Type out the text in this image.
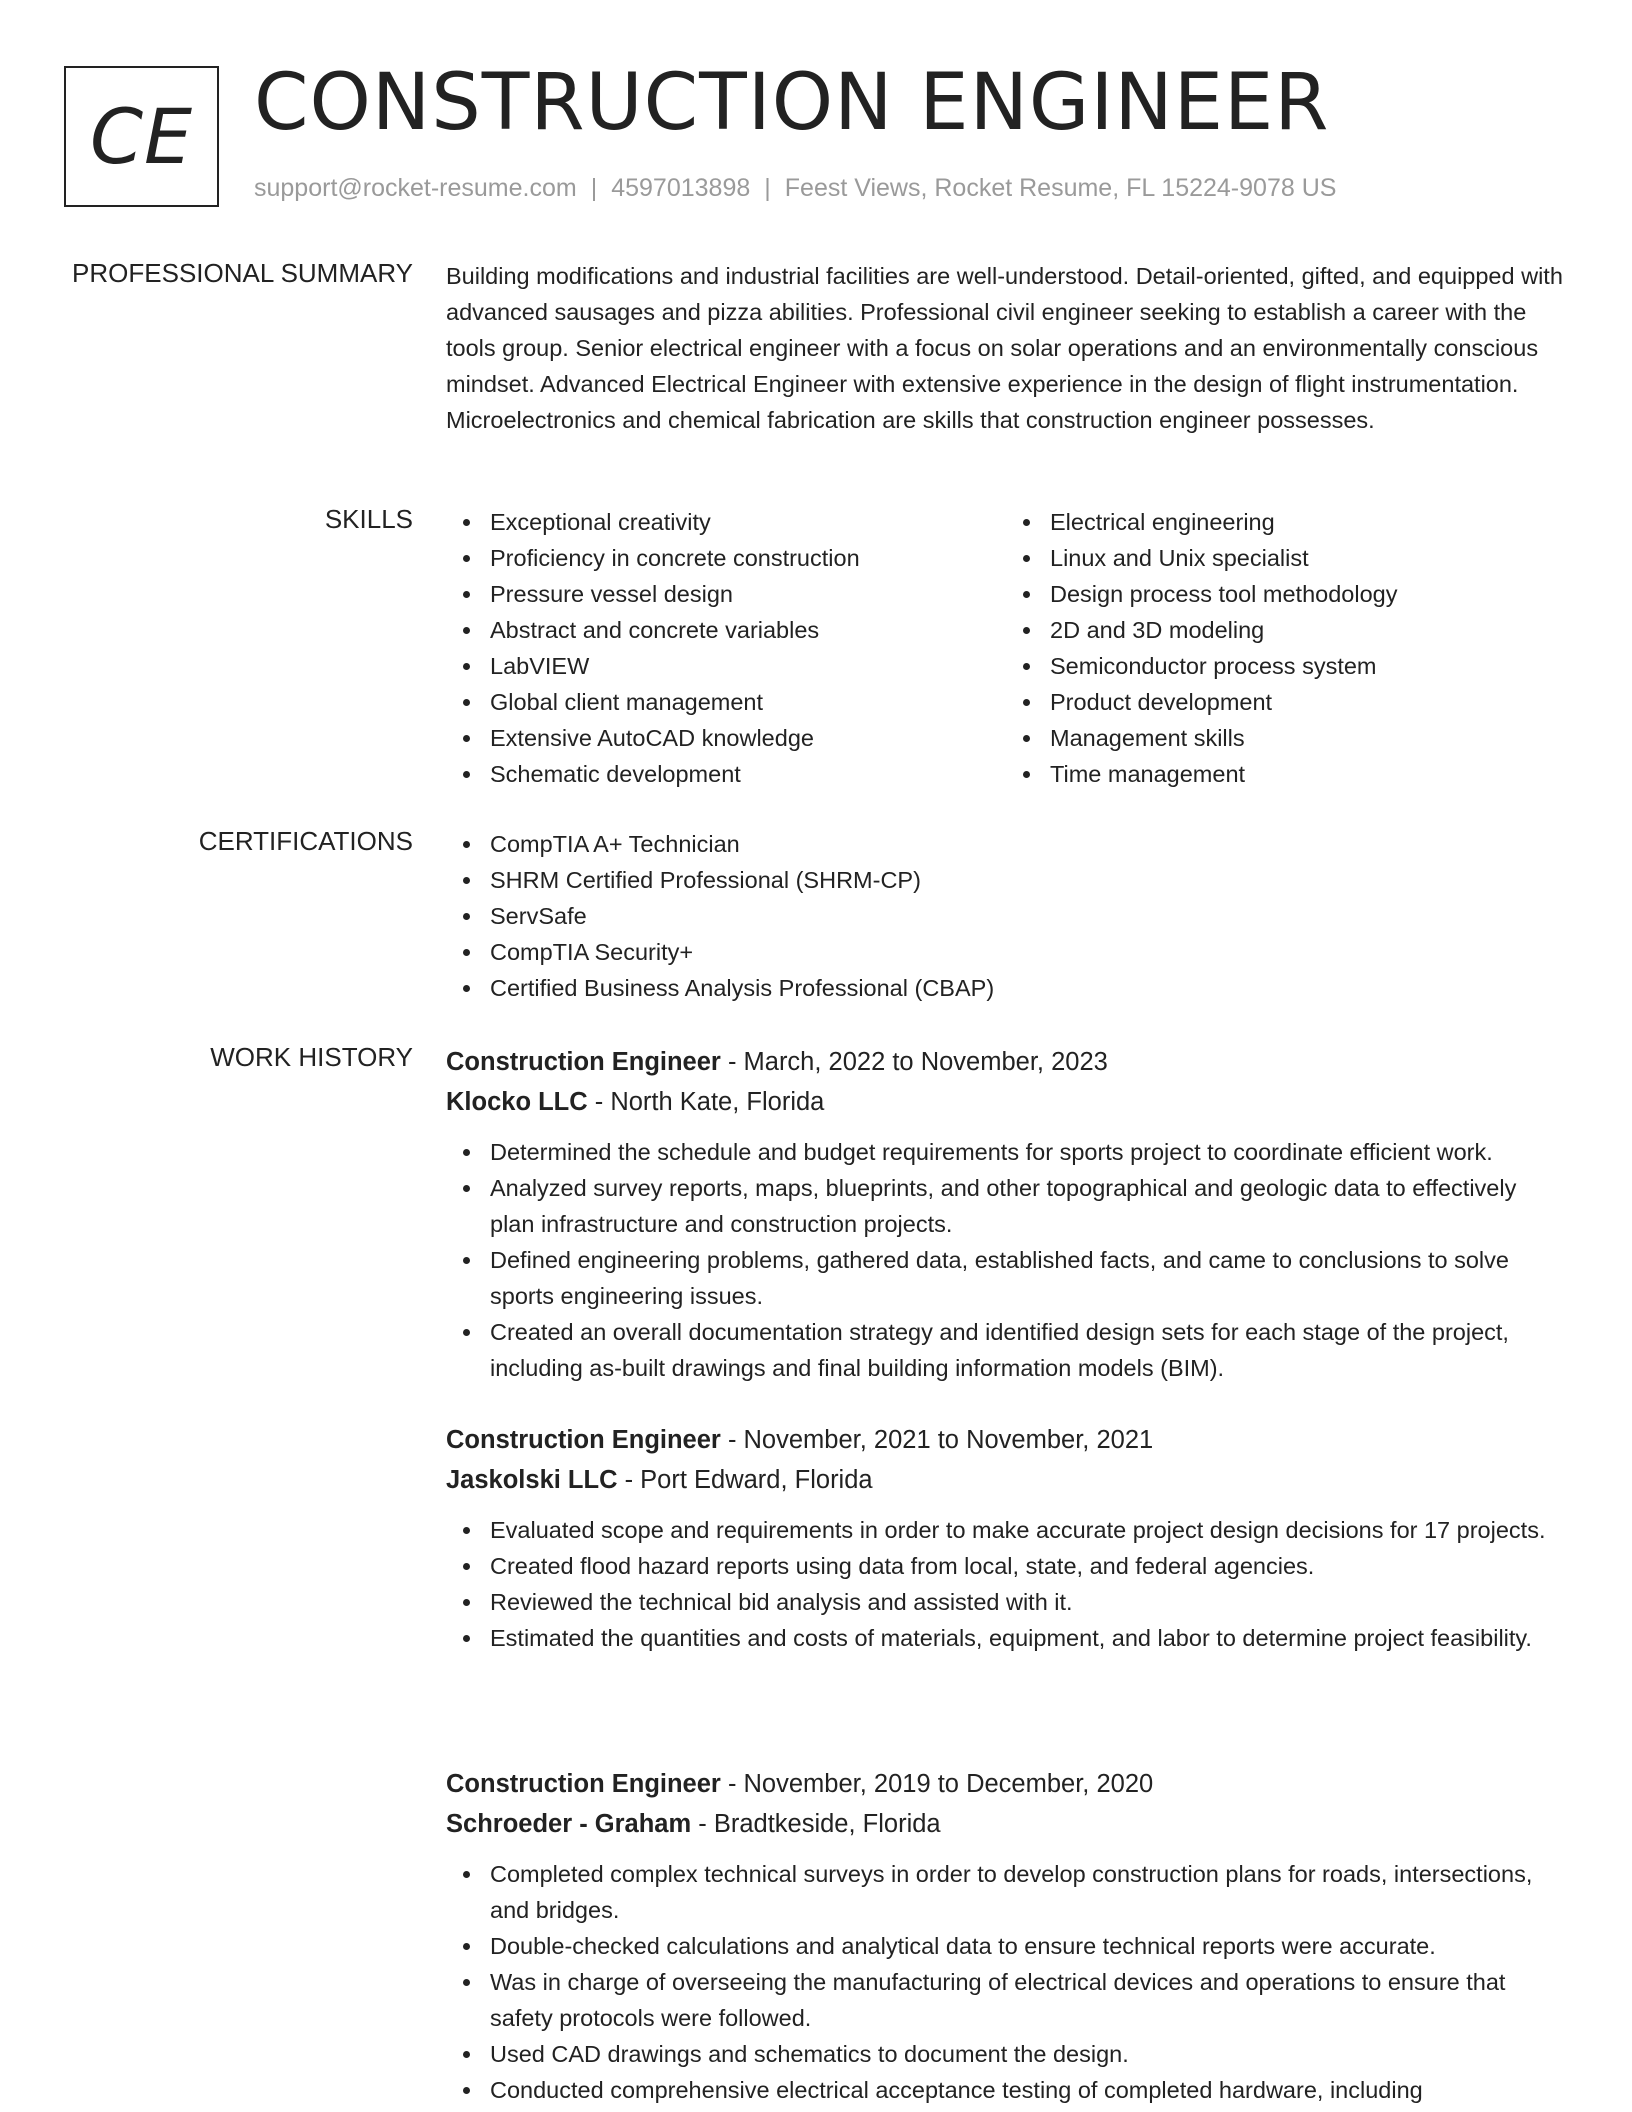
CE CONSTRUCTION ENGINEER
support@rocket-resume.com | 4597013898 | Feest Views, Rocket Resume, FL 15224-9078 US
PROFESSIONAL SUMMARY Building modifications and industrial facilities are well-understood. Detail-oriented, gifted, and equipped with advanced sausages and pizza abilities. Professional civil engineer seeking to establish a career with the tools group. Senior electrical engineer with a focus on solar operations and an environmentally conscious mindset. Advanced Electrical Engineer with extensive experience in the design of flight instrumentation. Microelectronics and chemical fabrication are skills that construction engineer possesses.
SKILLS	Exceptional creativity
Proficiency in concrete construction
Pressure vessel design
Abstract and concrete variables
LabVIEW
Global client management
Extensive AutoCAD knowledge
Schematic development
Electrical engineering
Linux and Unix specialist
Design process tool methodology
2D and 3D modeling
Semiconductor process system
Product development
Management skills
Time management
CERTIFICATIONS	CompTIA A+ Technician
SHRM Certified Professional (SHRM-CP)
ServSafe
CompTIA Security+
Certified Business Analysis Professional (CBAP)
WORK HISTORY Construction Engineer - March, 2022 to November, 2023
Klocko LLC - North Kate, Florida
Determined the schedule and budget requirements for sports project to coordinate efficient work.
Analyzed survey reports, maps, blueprints, and other topographical and geologic data to effectively plan infrastructure and construction projects.
Defined engineering problems, gathered data, established facts, and came to conclusions to solve sports engineering issues.
Created an overall documentation strategy and identified design sets for each stage of the project, including as-built drawings and final building information models (BIM).
Construction Engineer - November, 2021 to November, 2021
Jaskolski LLC - Port Edward, Florida
Evaluated scope and requirements in order to make accurate project design decisions for 17 projects.
Created flood hazard reports using data from local, state, and federal agencies.
Reviewed the technical bid analysis and assisted with it.
Estimated the quantities and costs of materials, equipment, and labor to determine project feasibility.
Construction Engineer - November, 2019 to December, 2020
Schroeder - Graham - Bradtkeside, Florida
Completed complex technical surveys in order to develop construction plans for roads, intersections, and bridges.
Double-checked calculations and analytical data to ensure technical reports were accurate.
Was in charge of overseeing the manufacturing of electrical devices and operations to ensure that safety protocols were followed.
Used CAD drawings and schematics to document the design.
Conducted comprehensive electrical acceptance testing of completed hardware, including
